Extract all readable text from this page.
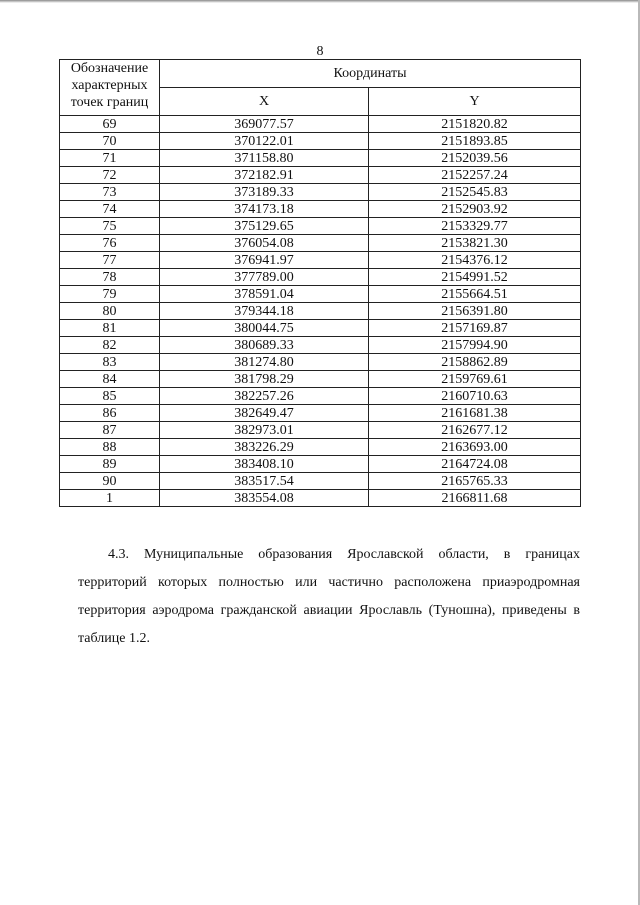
8
Обозначение
характерных
точек границ	Координаты	
	X	Y
69	369077.57	2151820.82
70	370122.01	2151893.85
71	371158.80	2152039.56
72	372182.91	2152257.24
73	373189.33	2152545.83
74	374173.18	2152903.92
75	375129.65	2153329.77
76	376054.08	2153821.30
77	376941.97	2154376.12
78	377789.00	2154991.52
79	378591.04	2155664.51
80	379344.18	2156391.80
81	380044.75	2157169.87
82	380689.33	2157994.90
83	381274.80	2158862.89
84	381798.29	2159769.61
85	382257.26	2160710.63
86	382649.47	2161681.38
87	382973.01	2162677.12
88	383226.29	2163693.00
89	383408.10	2164724.08
90	383517.54	2165765.33
1	383554.08	2166811.68
4.3. Муниципальные образования Ярославской области, в границах
территорий которых полностью или частично расположена приаэродромная
территория аэродрома гражданской авиации Ярославль (Туношна), приведены в
таблице 1.2.
